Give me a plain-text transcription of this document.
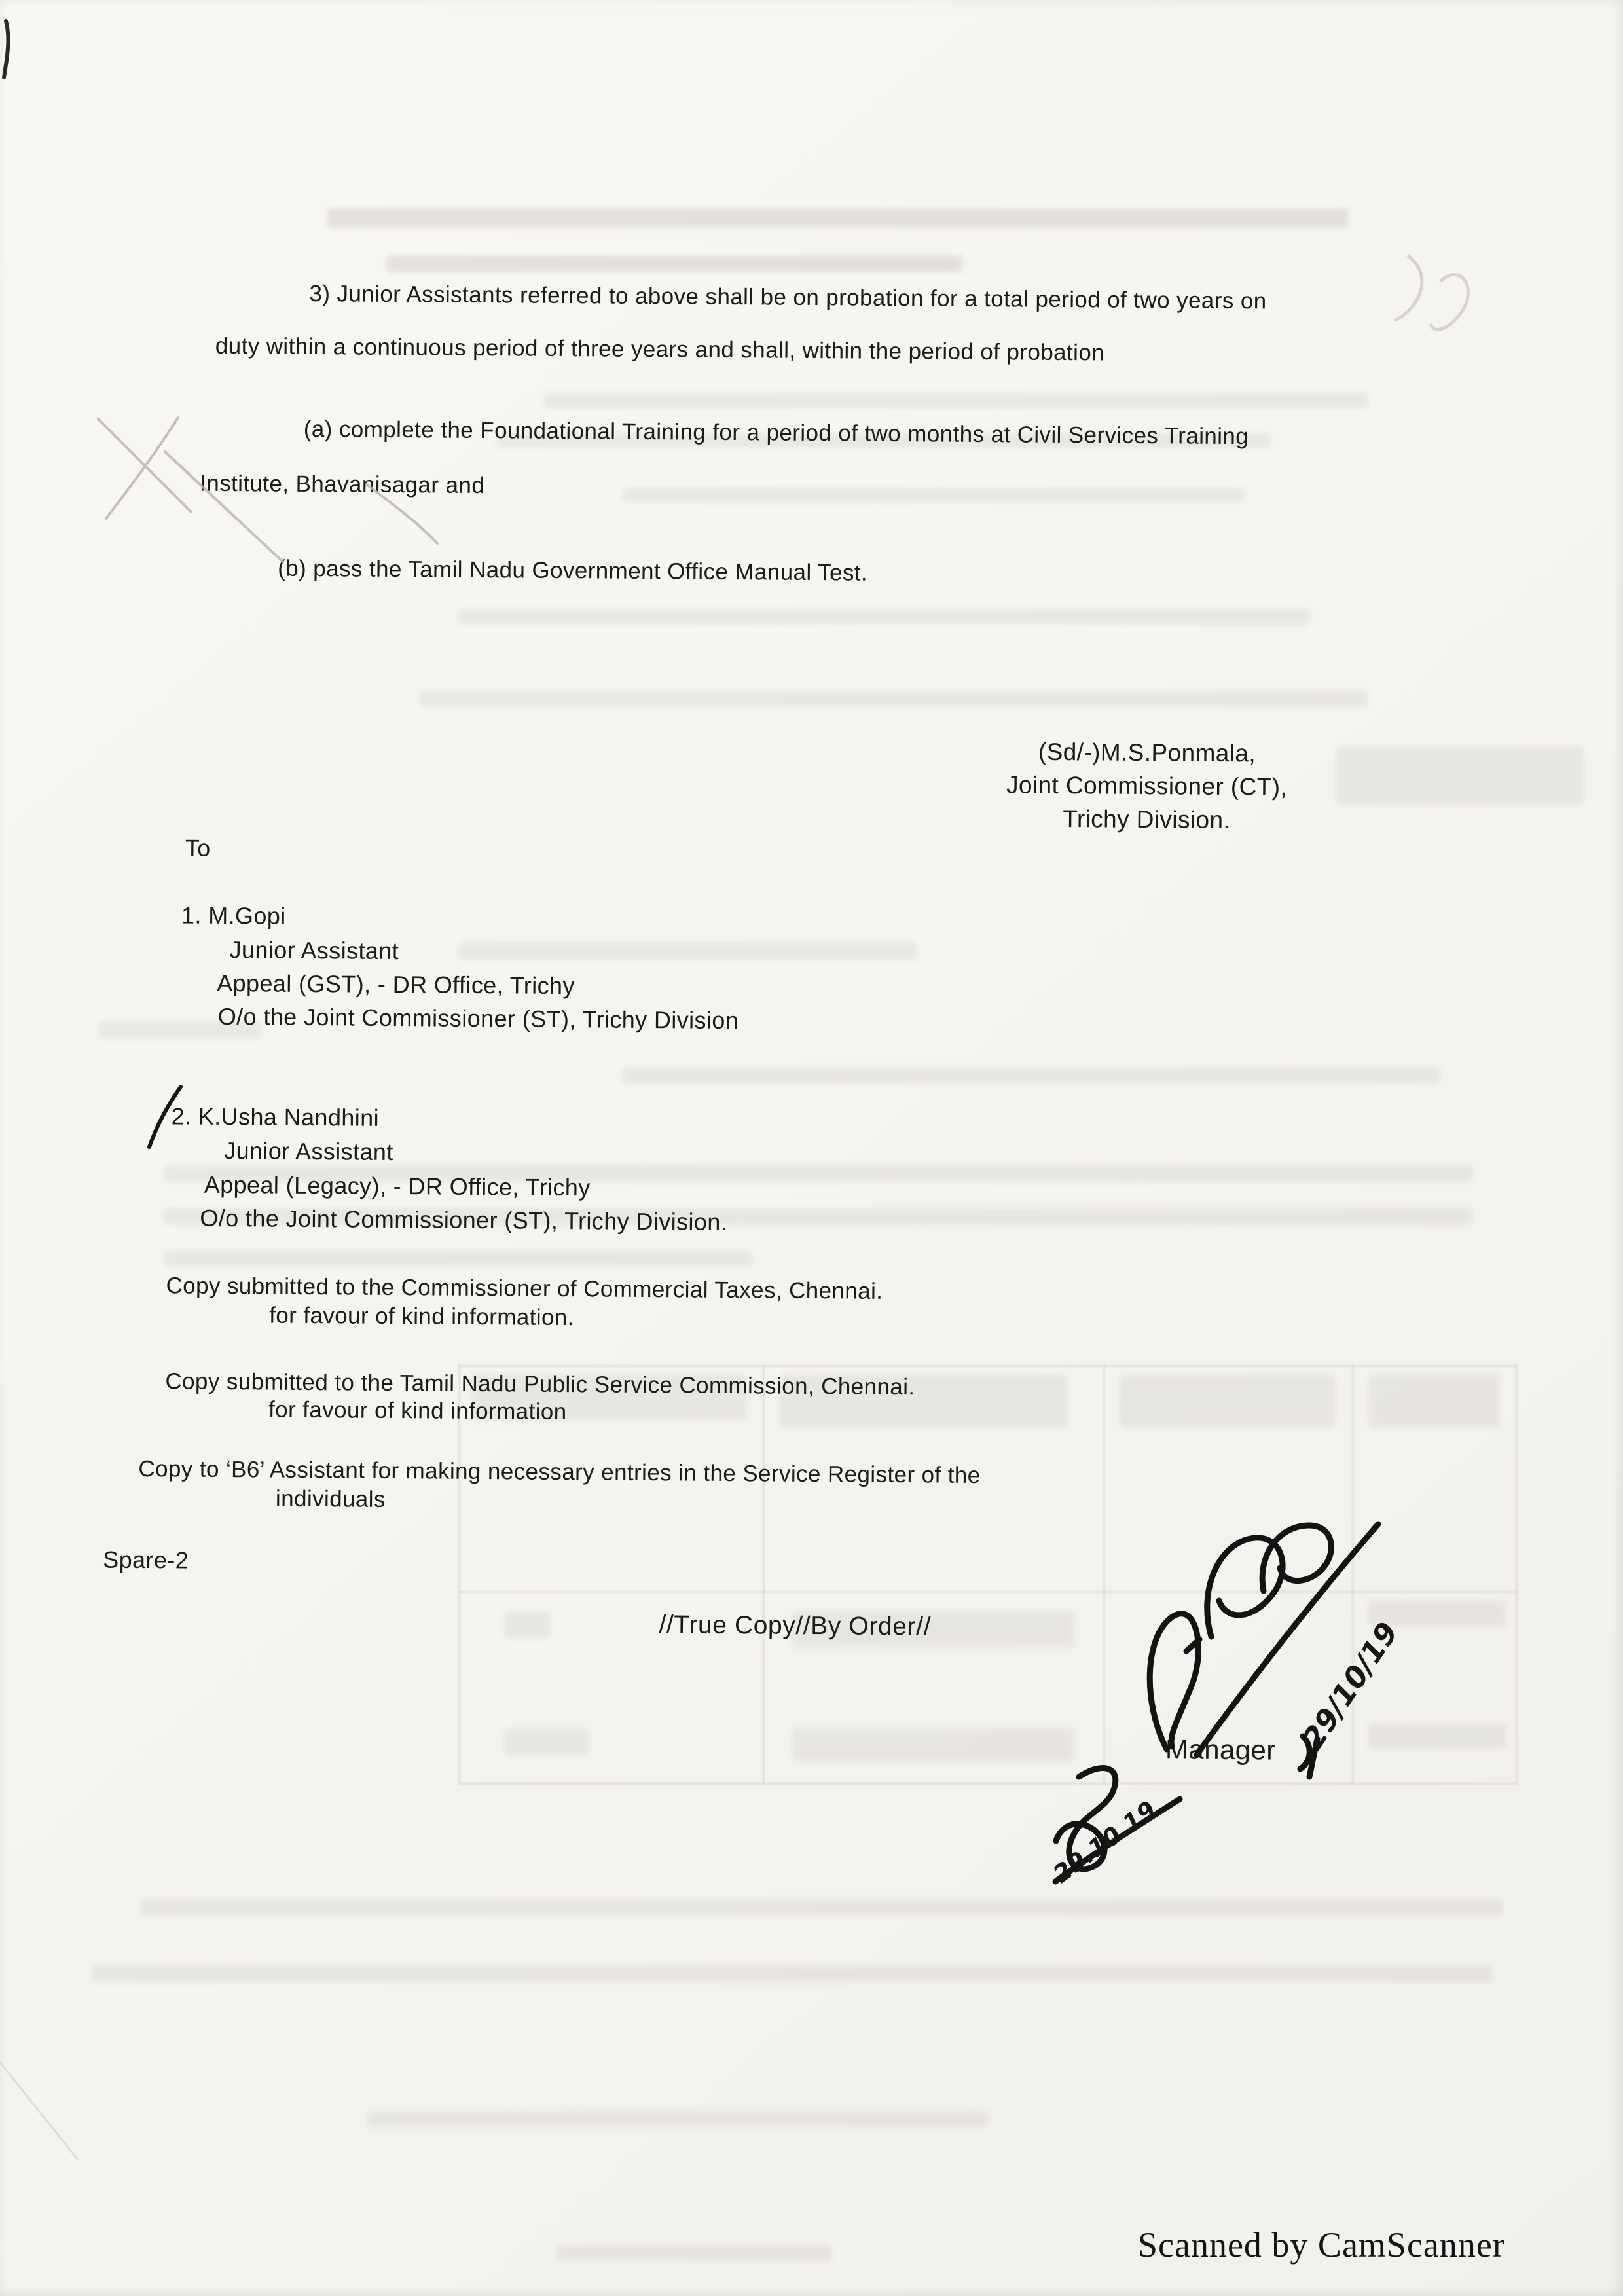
3) Junior Assistants referred to above shall be on probation for a total period of two years on
duty within a continuous period of three years and shall, within the period of probation
(a) complete the Foundational Training for a period of two months at Civil Services Training
Institute, Bhavanisagar and
(b) pass the Tamil Nadu Government Office Manual Test.
(Sd/-)M.S.Ponmala,
Joint Commissioner (CT),
Trichy Division.
To
1. M.Gopi
Junior Assistant
Appeal (GST), - DR Office, Trichy
O/o the Joint Commissioner (ST), Trichy Division
2. K.Usha Nandhini
Junior Assistant
Appeal (Legacy), - DR Office, Trichy
O/o the Joint Commissioner (ST), Trichy Division.
Copy submitted to the Commissioner of Commercial Taxes, Chennai.
for favour of kind information.
Copy submitted to the Tamil Nadu Public Service Commission, Chennai.
for favour of kind information
Copy to ‘B6’ Assistant for making necessary entries in the Service Register of the
individuals
Spare-2
//True Copy//By Order//
Manager 29/10/19
29.10.19
Scanned by CamScanner
